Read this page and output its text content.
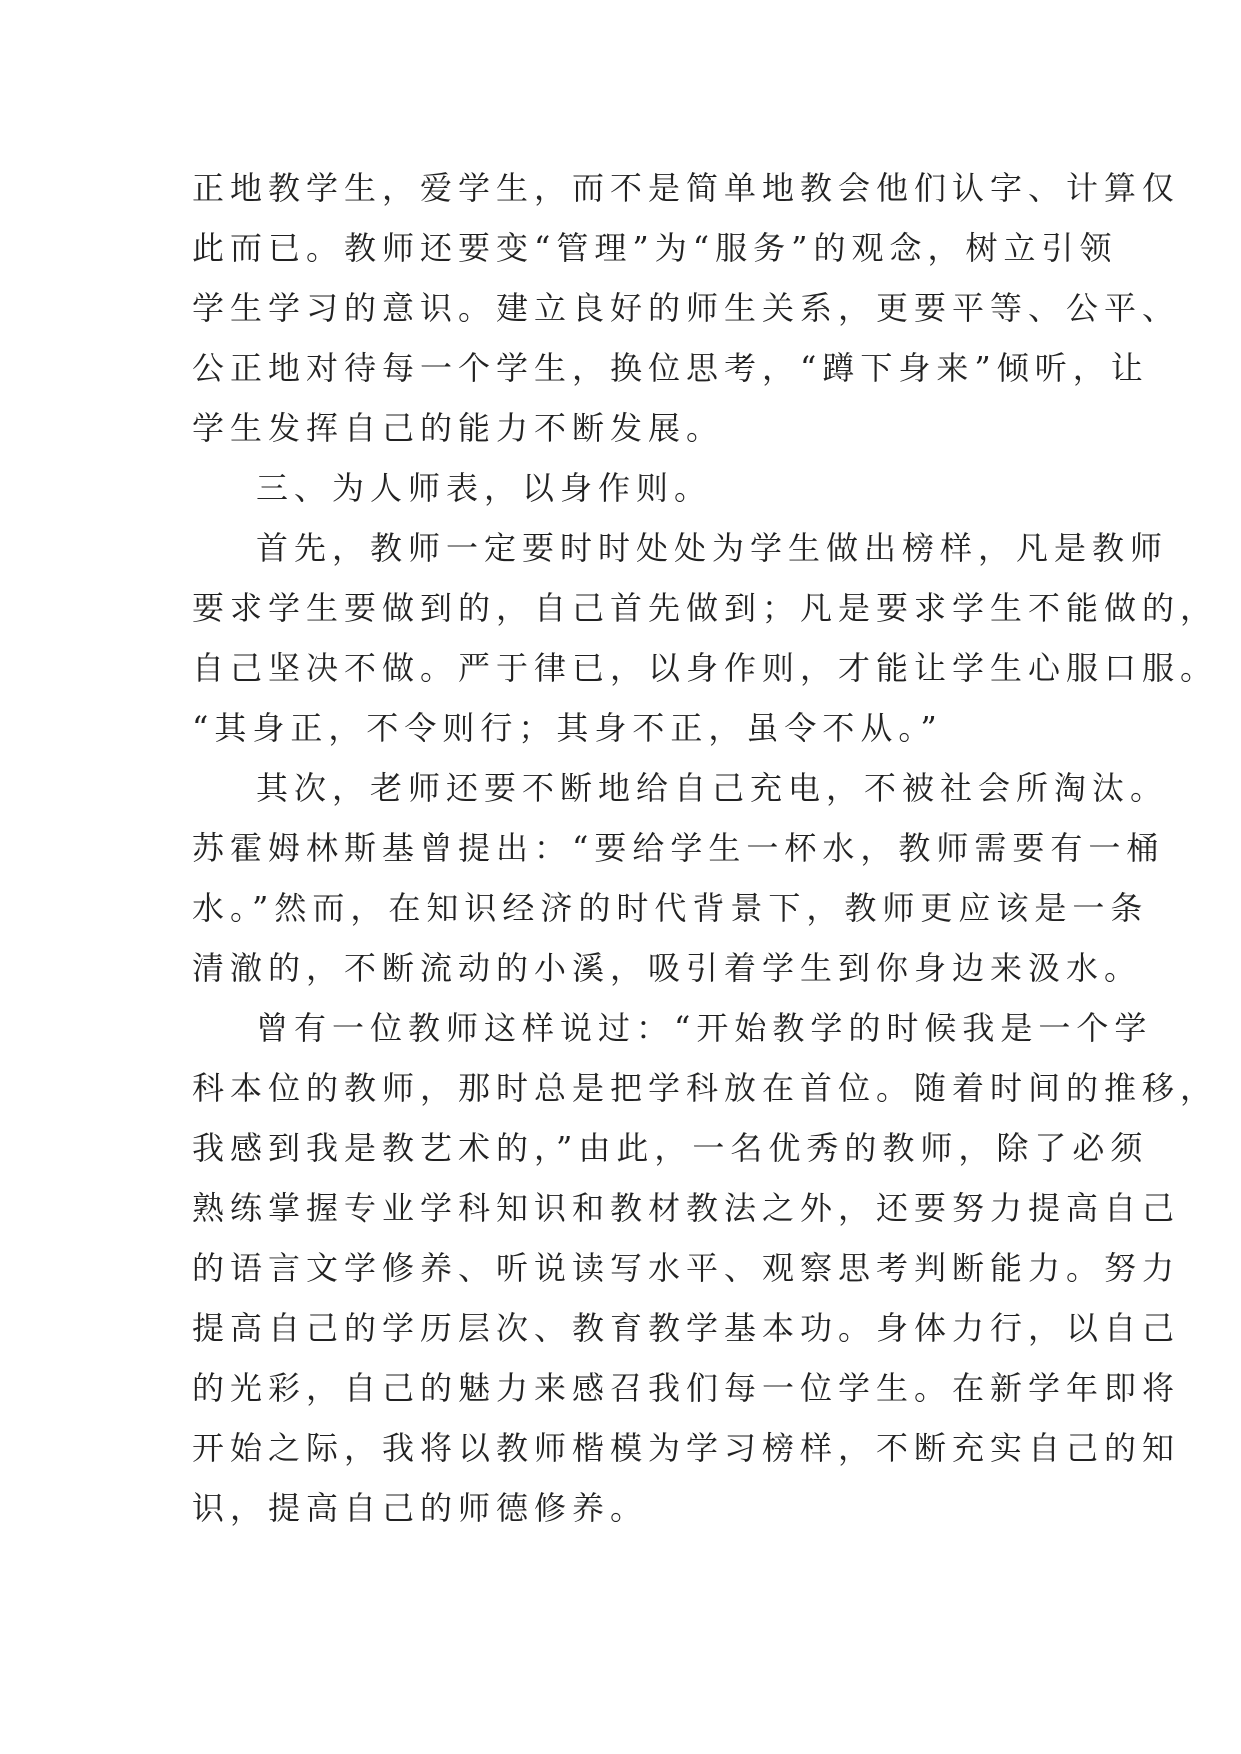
正地教学生，爱学生，而不是简单地教会他们认字、计算仅
此而已。教师还要变“管理”为“服务”的观念，树立引领
学生学习的意识。建立良好的师生关系，更要平等、公平、
公正地对待每一个学生，换位思考，“蹲下身来”倾听，让
学生发挥自己的能力不断发展。
三、为人师表，以身作则。
首先，教师一定要时时处处为学生做出榜样，凡是教师
要求学生要做到的，自己首先做到；凡是要求学生不能做的，
自己坚决不做。严于律已，以身作则，才能让学生心服口服。
“其身正，不令则行；其身不正，虽令不从。”
其次，老师还要不断地给自己充电，不被社会所淘汰。
苏霍姆林斯基曾提出：“要给学生一杯水，教师需要有一桶
水。”然而，在知识经济的时代背景下，教师更应该是一条
清澈的，不断流动的小溪，吸引着学生到你身边来汲水。
曾有一位教师这样说过：“开始教学的时候我是一个学
科本位的教师，那时总是把学科放在首位。随着时间的推移，
我感到我是教艺术的，”由此，一名优秀的教师，除了必须
熟练掌握专业学科知识和教材教法之外，还要努力提高自己
的语言文学修养、听说读写水平、观察思考判断能力。努力
提高自己的学历层次、教育教学基本功。身体力行，以自己
的光彩，自己的魅力来感召我们每一位学生。在新学年即将
开始之际，我将以教师楷模为学习榜样，不断充实自己的知
识，提高自己的师德修养。
